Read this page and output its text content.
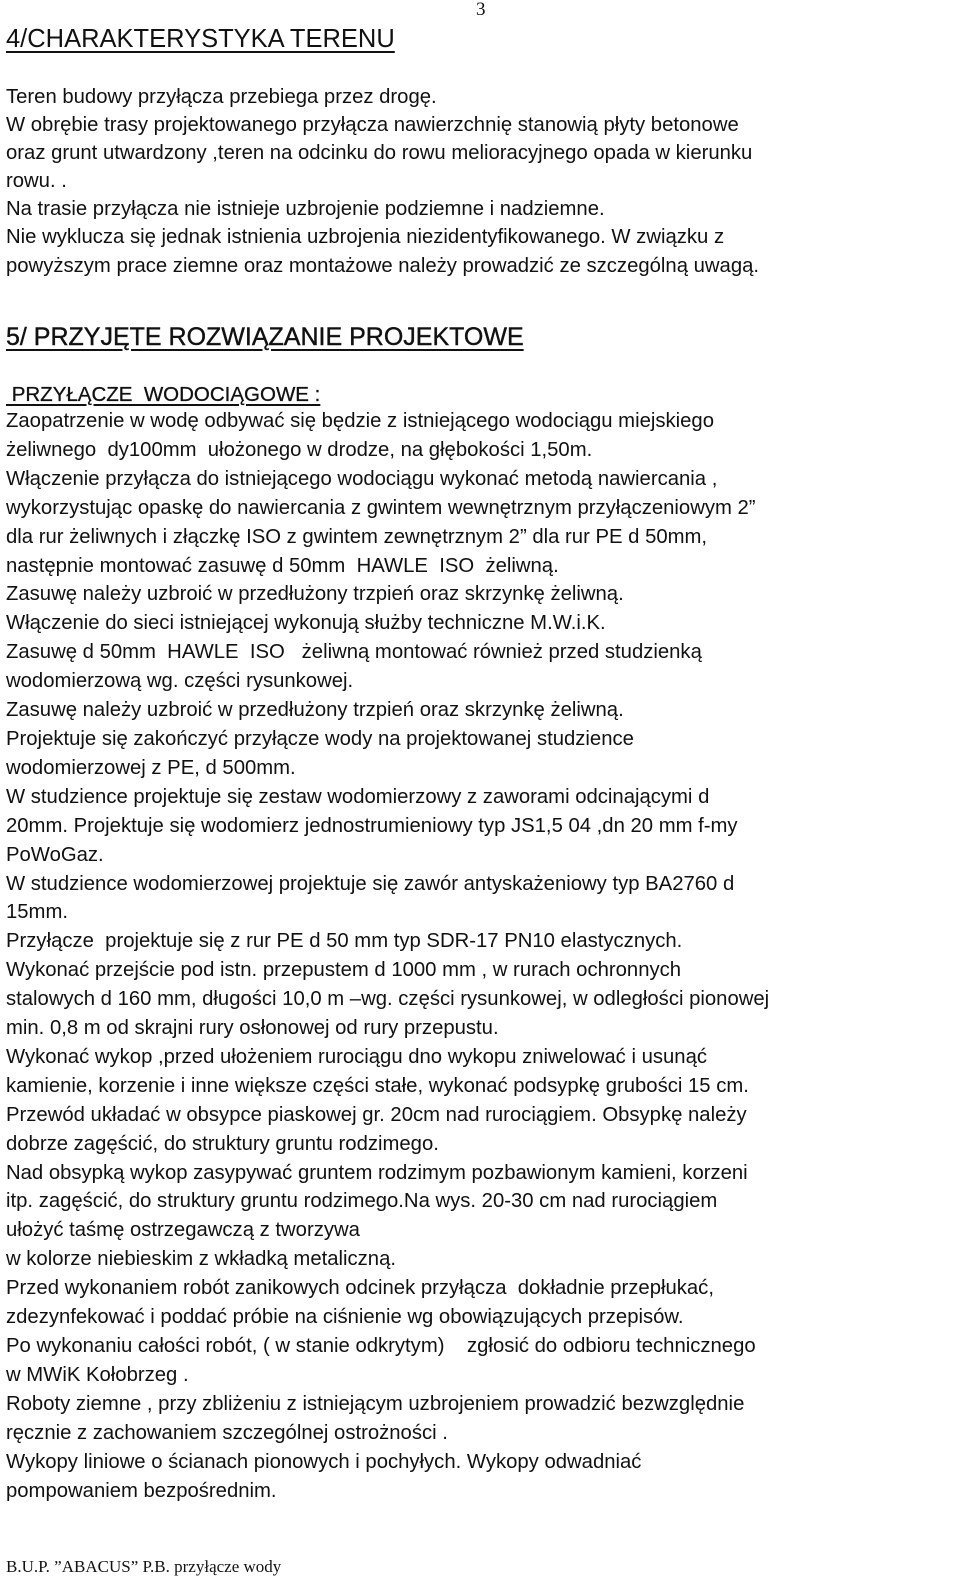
3
4/CHARAKTERYSTYKA TERENU
Teren budowy przyłącza przebiega przez drogę.
W obrębie trasy projektowanego przyłącza nawierzchnię stanowią płyty betonowe
oraz grunt utwardzony ,teren na odcinku do rowu melioracyjnego opada w kierunku
rowu. .
Na trasie przyłącza nie istnieje uzbrojenie podziemne i nadziemne.
Nie wyklucza się jednak istnienia uzbrojenia niezidentyfikowanego. W związku z
powyższym prace ziemne oraz montażowe należy prowadzić ze szczególną uwagą.
5/ PRZYJĘTE ROZWIĄZANIE PROJEKTOWE
PRZYŁĄCZE  WODOCIĄGOWE :
Zaopatrzenie w wodę odbywać się będzie z istniejącego wodociągu miejskiego
żeliwnego  dy100mm  ułożonego w drodze, na głębokości 1,50m.
Włączenie przyłącza do istniejącego wodociągu wykonać metodą nawiercania ,
wykorzystując opaskę do nawiercania z gwintem wewnętrznym przyłączeniowym 2”
dla rur żeliwnych i złączkę ISO z gwintem zewnętrznym 2” dla rur PE d 50mm,
następnie montować zasuwę d 50mm  HAWLE  ISO  żeliwną.
Zasuwę należy uzbroić w przedłużony trzpień oraz skrzynkę żeliwną.
Włączenie do sieci istniejącej wykonują służby techniczne M.W.i.K.
Zasuwę d 50mm  HAWLE  ISO   żeliwną montować również przed studzienką
wodomierzową wg. części rysunkowej.
Zasuwę należy uzbroić w przedłużony trzpień oraz skrzynkę żeliwną.
Projektuje się zakończyć przyłącze wody na projektowanej studzience
wodomierzowej z PE, d 500mm.
W studzience projektuje się zestaw wodomierzowy z zaworami odcinającymi d
20mm. Projektuje się wodomierz jednostrumieniowy typ JS1,5 04 ,dn 20 mm f-my
PoWoGaz.
W studzience wodomierzowej projektuje się zawór antyskażeniowy typ BA2760 d
15mm.
Przyłącze  projektuje się z rur PE d 50 mm typ SDR-17 PN10 elastycznych.
Wykonać przejście pod istn. przepustem d 1000 mm , w rurach ochronnych
stalowych d 160 mm, długości 10,0 m –wg. części rysunkowej, w odległości pionowej
min. 0,8 m od skrajni rury osłonowej od rury przepustu.
Wykonać wykop ,przed ułożeniem rurociągu dno wykopu zniwelować i usunąć
kamienie, korzenie i inne większe części stałe, wykonać podsypkę grubości 15 cm.
Przewód układać w obsypce piaskowej gr. 20cm nad rurociągiem. Obsypkę należy
dobrze zagęścić, do struktury gruntu rodzimego.
Nad obsypką wykop zasypywać gruntem rodzimym pozbawionym kamieni, korzeni
itp. zagęścić, do struktury gruntu rodzimego.Na wys. 20-30 cm nad rurociągiem
ułożyć taśmę ostrzegawczą z tworzywa
w kolorze niebieskim z wkładką metaliczną.
Przed wykonaniem robót zanikowych odcinek przyłącza  dokładnie przepłukać,
zdezynfekować i poddać próbie na ciśnienie wg obowiązujących przepisów.
Po wykonaniu całości robót, ( w stanie odkrytym)    zgłosić do odbioru technicznego
w MWiK Kołobrzeg .
Roboty ziemne , przy zbliżeniu z istniejącym uzbrojeniem prowadzić bezwzględnie
ręcznie z zachowaniem szczególnej ostrożności .
Wykopy liniowe o ścianach pionowych i pochyłych. Wykopy odwadniać
pompowaniem bezpośrednim.
B.U.P. ”ABACUS” P.B. przyłącze wody
